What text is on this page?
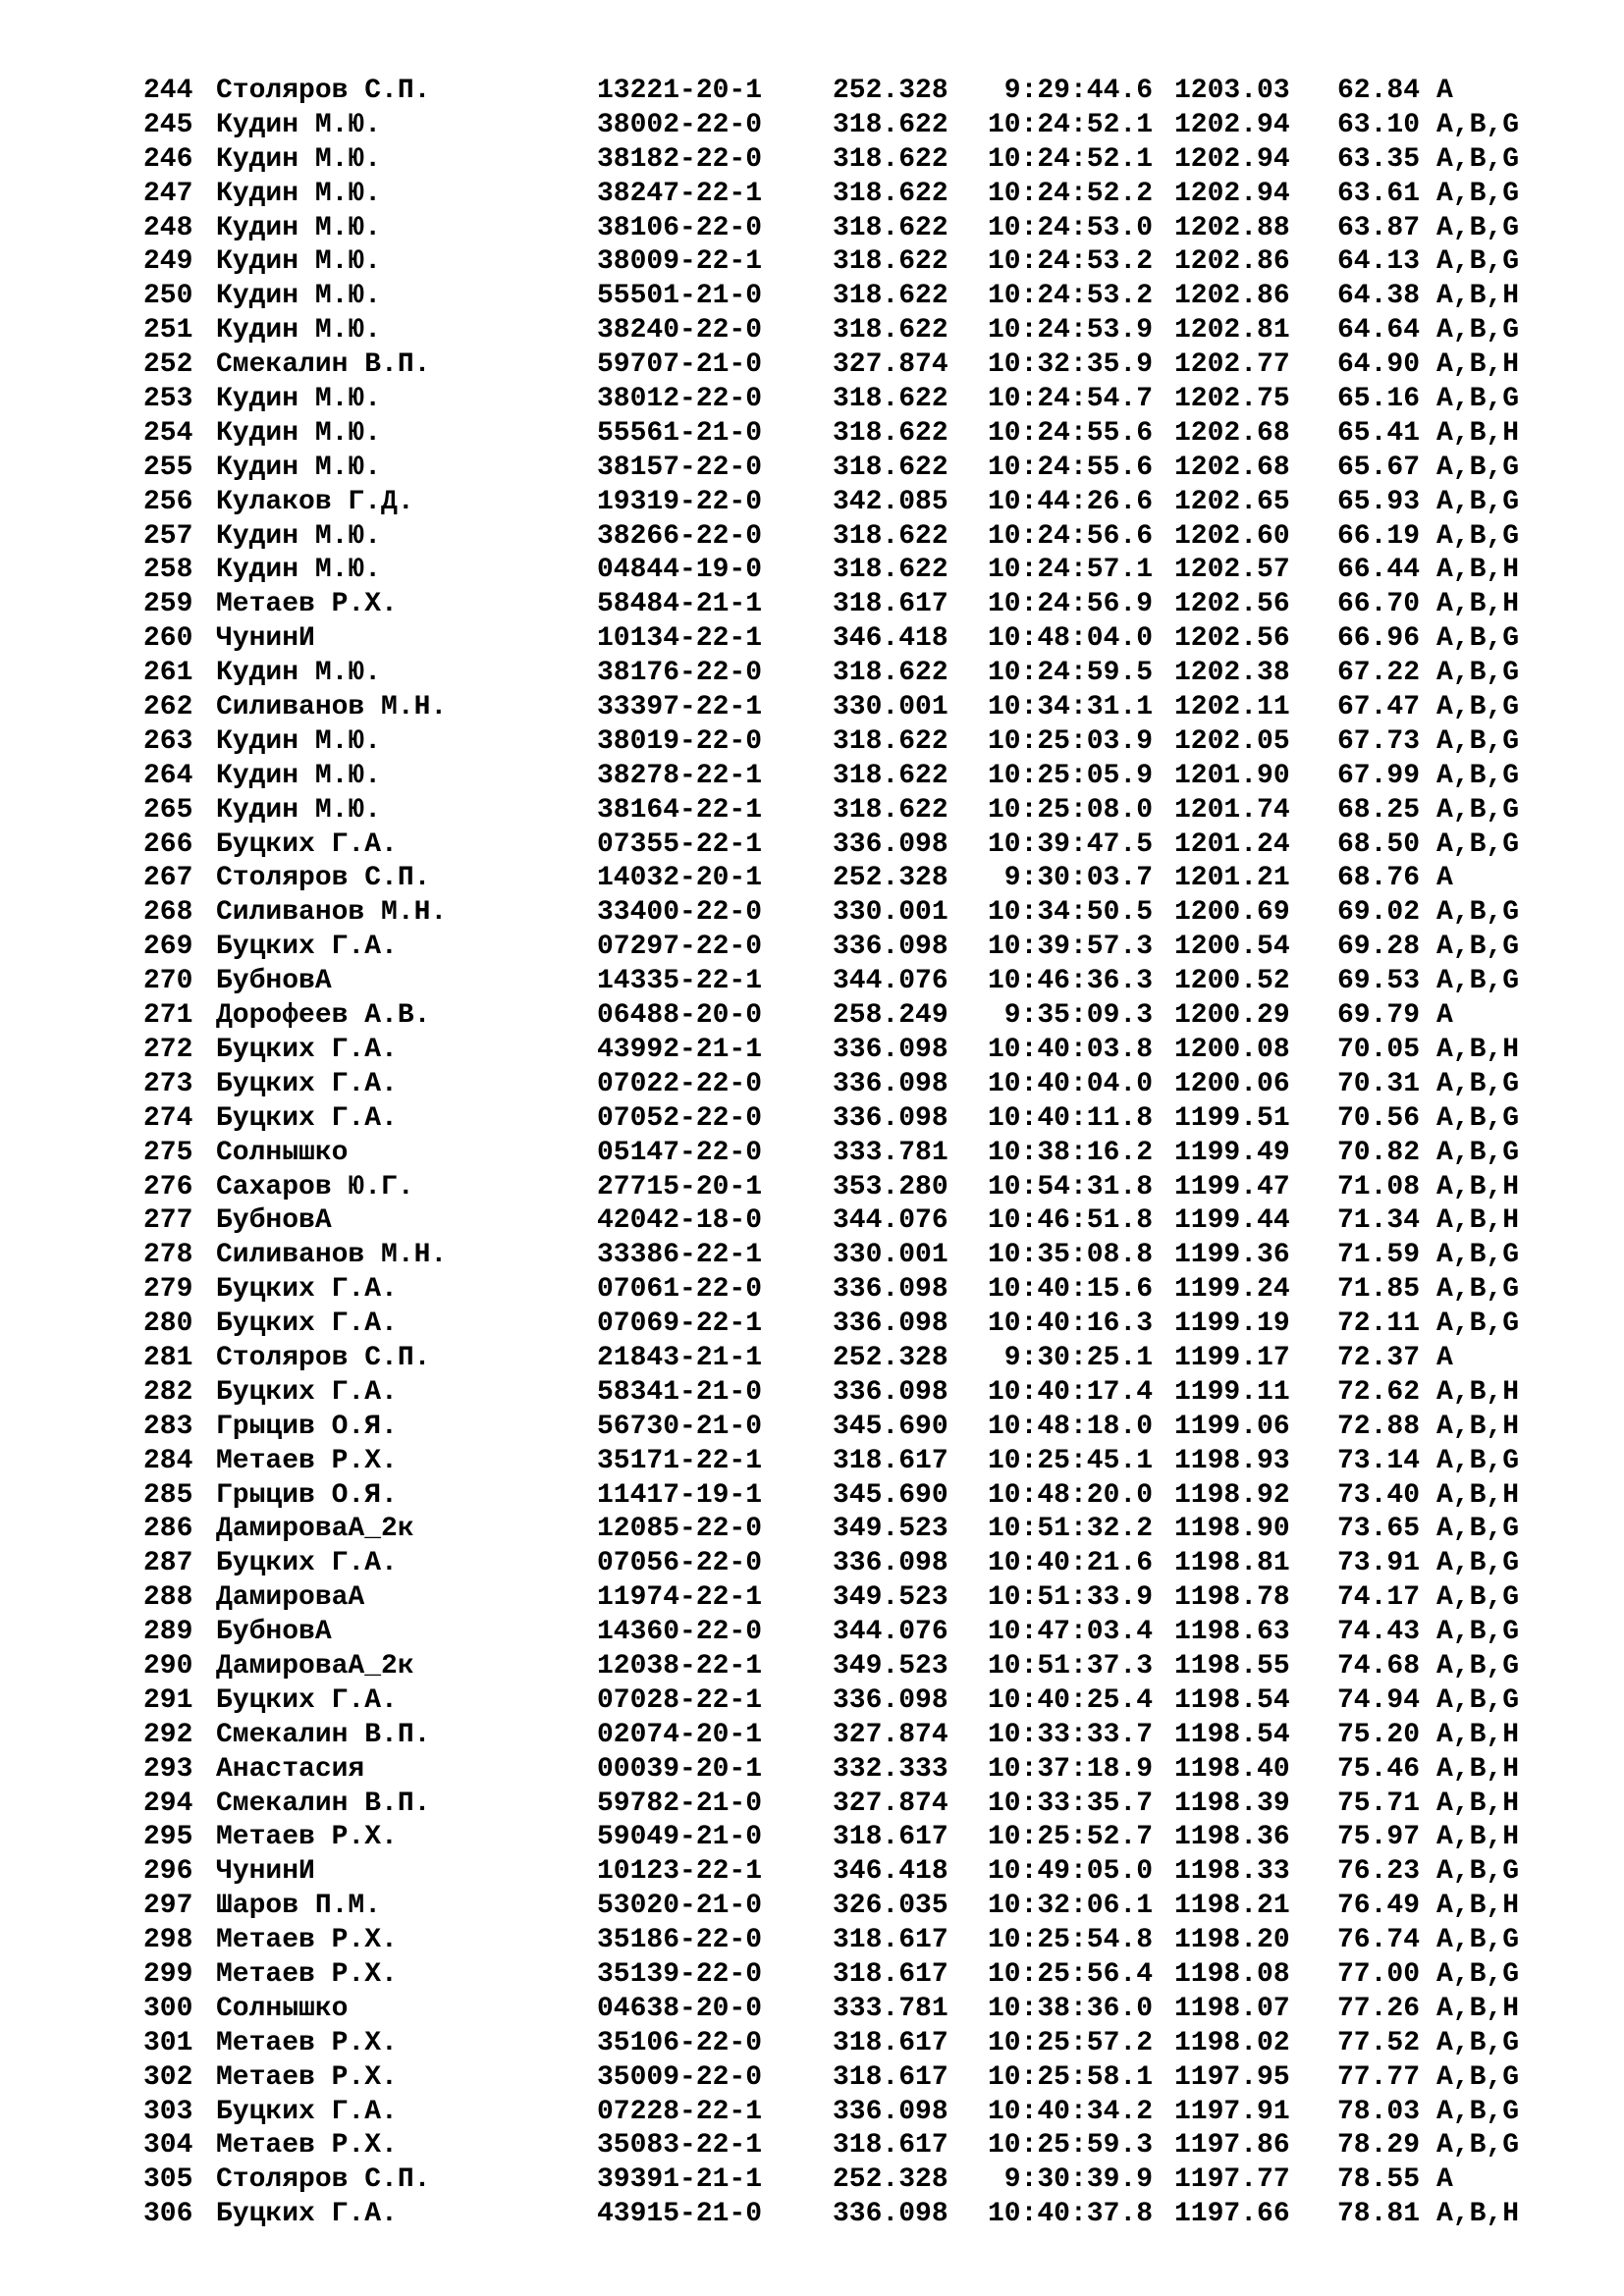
244 Столяров С.П.	13221-20-1	252.328	9:29:44.6 1203.03 62.84 A
245 Кудин М.Ю.	38002-22-0	318.622	10:24:52.1 1202.94 63.10 A,B,G
246 Кудин М.Ю.	38182-22-0	318.622	10:24:52.1 1202.94 63.35 A,B,G
247 Кудин М.Ю.	38247-22-1	318.622	10:24:52.2 1202.94 63.61 A,B,G
248 Кудин М.Ю.	38106-22-0	318.622	10:24:53.0 1202.88 63.87 A,B,G
249 Кудин М.Ю.	38009-22-1	318.622	10:24:53.2 1202.86 64.13 A,B,G
250 Кудин М.Ю.	55501-21-0	318.622	10:24:53.2 1202.86 64.38 A,B,H
251 Кудин М.Ю.	38240-22-0	318.622	10:24:53.9 1202.81 64.64 A,B,G
252 Смекалин В.П.	59707-21-0	327.874	10:32:35.9 1202.77 64.90 A,B,H
253 Кудин М.Ю.	38012-22-0	318.622	10:24:54.7 1202.75 65.16 A,B,G
254 Кудин М.Ю.	55561-21-0	318.622	10:24:55.6 1202.68 65.41 A,B,H
255 Кудин М.Ю.	38157-22-0	318.622	10:24:55.6 1202.68 65.67 A,B,G
256 Кулаков Г.Д.	19319-22-0	342.085	10:44:26.6 1202.65 65.93 A,B,G
257 Кудин М.Ю.	38266-22-0	318.622	10:24:56.6 1202.60 66.19 A,B,G
258 Кудин М.Ю.	04844-19-0	318.622	10:24:57.1 1202.57 66.44 A,B,H
259 Метаев Р.Х.	58484-21-1	318.617	10:24:56.9 1202.56 66.70 A,B,H
260 ЧунинИ	10134-22-1	346.418	10:48:04.0 1202.56 66.96 A,B,G
261 Кудин М.Ю.	38176-22-0	318.622	10:24:59.5 1202.38 67.22 A,B,G
262 Силиванов М.Н.	33397-22-1	330.001	10:34:31.1 1202.11 67.47 A,B,G
263 Кудин М.Ю.	38019-22-0	318.622	10:25:03.9 1202.05 67.73 A,B,G
264 Кудин М.Ю.	38278-22-1	318.622	10:25:05.9 1201.90 67.99 A,B,G
265 Кудин М.Ю.	38164-22-1	318.622	10:25:08.0 1201.74 68.25 A,B,G
266 Буцких Г.А.	07355-22-1	336.098	10:39:47.5 1201.24 68.50 A,B,G
267 Столяров С.П.	14032-20-1	252.328	9:30:03.7 1201.21 68.76 A
268 Силиванов М.Н.	33400-22-0	330.001	10:34:50.5 1200.69 69.02 A,B,G
269 Буцких Г.А.	07297-22-0	336.098	10:39:57.3 1200.54 69.28 A,B,G
270 БубновА	14335-22-1	344.076	10:46:36.3 1200.52 69.53 A,B,G
271 Дорофеев А.В.	06488-20-0	258.249	9:35:09.3 1200.29 69.79 A
272 Буцких Г.А.	43992-21-1	336.098	10:40:03.8 1200.08 70.05 A,B,H
273 Буцких Г.А.	07022-22-0	336.098	10:40:04.0 1200.06 70.31 A,B,G
274 Буцких Г.А.	07052-22-0	336.098	10:40:11.8 1199.51 70.56 A,B,G
275 Солнышко	05147-22-0	333.781	10:38:16.2 1199.49 70.82 A,B,G
276 Сахаров Ю.Г.	27715-20-1	353.280	10:54:31.8 1199.47 71.08 A,B,H
277 БубновА	42042-18-0	344.076	10:46:51.8 1199.44 71.34 A,B,H
278 Силиванов М.Н.	33386-22-1	330.001	10:35:08.8 1199.36 71.59 A,B,G
279 Буцких Г.А.	07061-22-0	336.098	10:40:15.6 1199.24 71.85 A,B,G
280 Буцких Г.А.	07069-22-1	336.098	10:40:16.3 1199.19 72.11 A,B,G
281 Столяров С.П.	21843-21-1	252.328	9:30:25.1 1199.17 72.37 A
282 Буцких Г.А.	58341-21-0	336.098	10:40:17.4 1199.11 72.62 A,B,H
283 Грыцив О.Я.	56730-21-0	345.690	10:48:18.0 1199.06 72.88 A,B,H
284 Метаев Р.Х.	35171-22-1	318.617	10:25:45.1 1198.93 73.14 A,B,G
285 Грыцив О.Я.	11417-19-1	345.690	10:48:20.0 1198.92 73.40 A,B,H
286 ДамироваА_2к	12085-22-0	349.523	10:51:32.2 1198.90 73.65 A,B,G
287 Буцких Г.А.	07056-22-0	336.098	10:40:21.6 1198.81 73.91 A,B,G
288 ДамироваА	11974-22-1	349.523	10:51:33.9 1198.78 74.17 A,B,G
289 БубновА	14360-22-0	344.076	10:47:03.4 1198.63 74.43 A,B,G
290 ДамироваА_2к	12038-22-1	349.523	10:51:37.3 1198.55 74.68 A,B,G
291 Буцких Г.А.	07028-22-1	336.098	10:40:25.4 1198.54 74.94 A,B,G
292 Смекалин В.П.	02074-20-1	327.874	10:33:33.7 1198.54 75.20 A,B,H
293 Анастасия	00039-20-1	332.333	10:37:18.9 1198.40 75.46 A,B,H
294 Смекалин В.П.	59782-21-0	327.874	10:33:35.7 1198.39 75.71 A,B,H
295 Метаев Р.Х.	59049-21-0	318.617	10:25:52.7 1198.36 75.97 A,B,H
296 ЧунинИ	10123-22-1	346.418	10:49:05.0 1198.33 76.23 A,B,G
297 Шаров П.М.	53020-21-0	326.035	10:32:06.1 1198.21 76.49 A,B,H
298 Метаев Р.Х.	35186-22-0	318.617	10:25:54.8 1198.20 76.74 A,B,G
299 Метаев Р.Х.	35139-22-0	318.617	10:25:56.4 1198.08 77.00 A,B,G
300 Солнышко	04638-20-0	333.781	10:38:36.0 1198.07 77.26 A,B,H
301 Метаев Р.Х.	35106-22-0	318.617	10:25:57.2 1198.02 77.52 A,B,G
302 Метаев Р.Х.	35009-22-0	318.617	10:25:58.1 1197.95 77.77 A,B,G
303 Буцких Г.А.	07228-22-1	336.098	10:40:34.2 1197.91 78.03 A,B,G
304 Метаев Р.Х.	35083-22-1	318.617	10:25:59.3 1197.86 78.29 A,B,G
305 Столяров С.П.	39391-21-1	252.328	9:30:39.9 1197.77 78.55 A
306 Буцких Г.А.	43915-21-0	336.098	10:40:37.8 1197.66 78.81 A,B,H
